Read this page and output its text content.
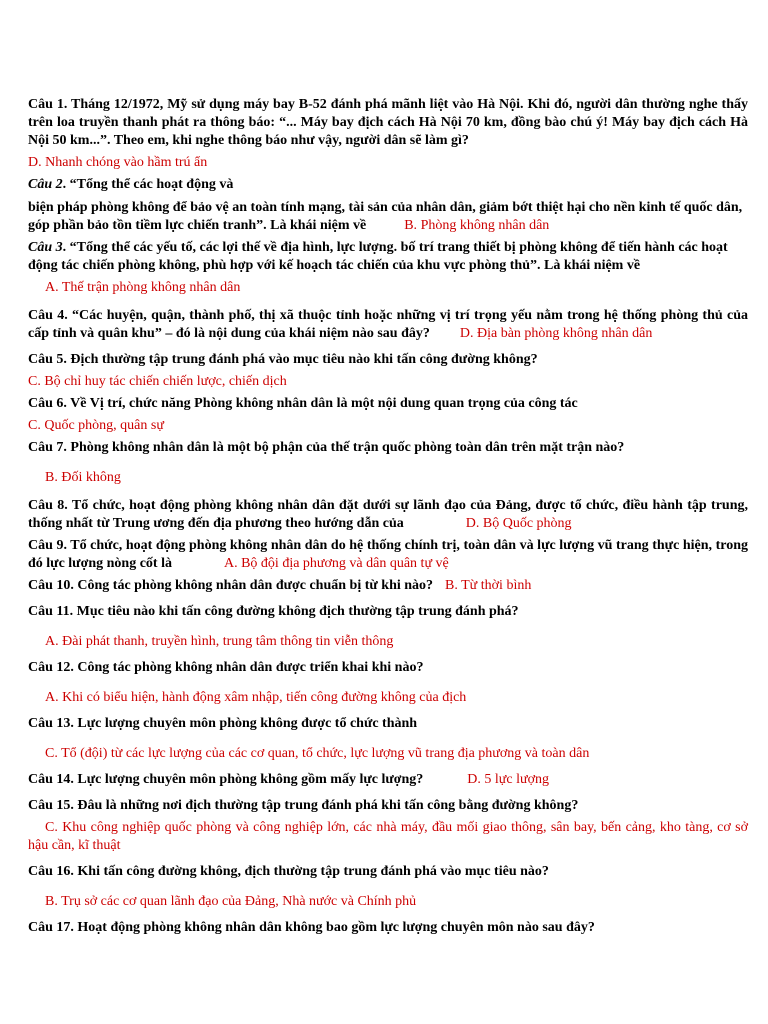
Câu 1. Tháng 12/1972, Mỹ sử dụng máy bay B-52 đánh phá mãnh liệt vào Hà Nội. Khi đó, người dân thường nghe thấy trên loa truyền thanh phát ra thông báo: “... Máy bay địch cách Hà Nội 70 km, đồng bào chú ý! Máy bay địch cách Hà Nội 50 km...”. Theo em, khi nghe thông báo như vậy, người dân sẽ làm gì?
D. Nhanh chóng vào hầm trú ẩn
Câu 2. “Tổng thể các hoạt động và
biện pháp phòng không để bảo vệ an toàn tính mạng, tài sản của nhân dân, giảm bớt thiệt hại cho nền kinh tế quốc dân, góp phần bảo tồn tiềm lực chiến tranh”. Là khái niệm về	B. Phòng không nhân dân
Câu 3. “Tổng thể các yếu tố, các lợi thế về địa hình, lực lượng. bố trí trang thiết bị phòng không để tiến hành các hoạt động tác chiến phòng không, phù hợp với kế hoạch tác chiến của khu vực phòng thủ”. Là khái niệm về
A. Thế trận phòng không nhân dân
Câu 4. “Các huyện, quận, thành phố, thị xã thuộc tỉnh hoặc những vị trí trọng yếu nằm trong hệ thống phòng thủ của cấp tỉnh và quân khu” – đó là nội dung của khái niệm nào sau đây? D. Địa bàn phòng không nhân dân
Câu 5. Địch thường tập trung đánh phá vào mục tiêu nào khi tấn công đường không?
C. Bộ chỉ huy tác chiến chiến lược, chiến dịch
Câu 6. Về Vị trí, chức năng Phòng không nhân dân là một nội dung quan trọng của công tác
C. Quốc phòng, quân sự
Câu 7. Phòng không nhân dân là một bộ phận của thế trận quốc phòng toàn dân trên mặt trận nào?
B. Đối không
Câu 8. Tổ chức, hoạt động phòng không nhân dân đặt dưới sự lãnh đạo của Đảng, được tổ chức, điều hành tập trung, thống nhất từ Trung ương đến địa phương theo hướng dẫn của	D. Bộ Quốc phòng
Câu 9. Tổ chức, hoạt động phòng không nhân dân do hệ thống chính trị, toàn dân và lực lượng vũ trang thực hiện, trong đó lực lượng nòng cốt là	A. Bộ đội địa phương và dân quân tự vệ
Câu 10. Công tác phòng không nhân dân được chuẩn bị từ khi nào? B. Từ thời bình
Câu 11. Mục tiêu nào khi tấn công đường không địch thường tập trung đánh phá?
A. Đài phát thanh, truyền hình, trung tâm thông tin viễn thông
Câu 12. Công tác phòng không nhân dân được triển khai khi nào?
A. Khi có biểu hiện, hành động xâm nhập, tiến công đường không của địch
Câu 13. Lực lượng chuyên môn phòng không được tổ chức thành
C. Tổ (đội) từ các lực lượng của các cơ quan, tổ chức, lực lượng vũ trang địa phương và toàn dân
Câu 14. Lực lượng chuyên môn phòng không gồm mấy lực lượng?	D. 5 lực lượng
Câu 15. Đâu là những nơi địch thường tập trung đánh phá khi tấn công bằng đường không?
C. Khu công nghiệp quốc phòng và công nghiệp lớn, các nhà máy, đầu mối giao thông, sân bay, bến cảng, kho tàng, cơ sở hậu cần, kĩ thuật
Câu 16. Khi tấn công đường không, địch thường tập trung đánh phá vào mục tiêu nào?
B. Trụ sở các cơ quan lãnh đạo của Đảng, Nhà nước và Chính phủ
Câu 17. Hoạt động phòng không nhân dân không bao gồm lực lượng chuyên môn nào sau đây?
